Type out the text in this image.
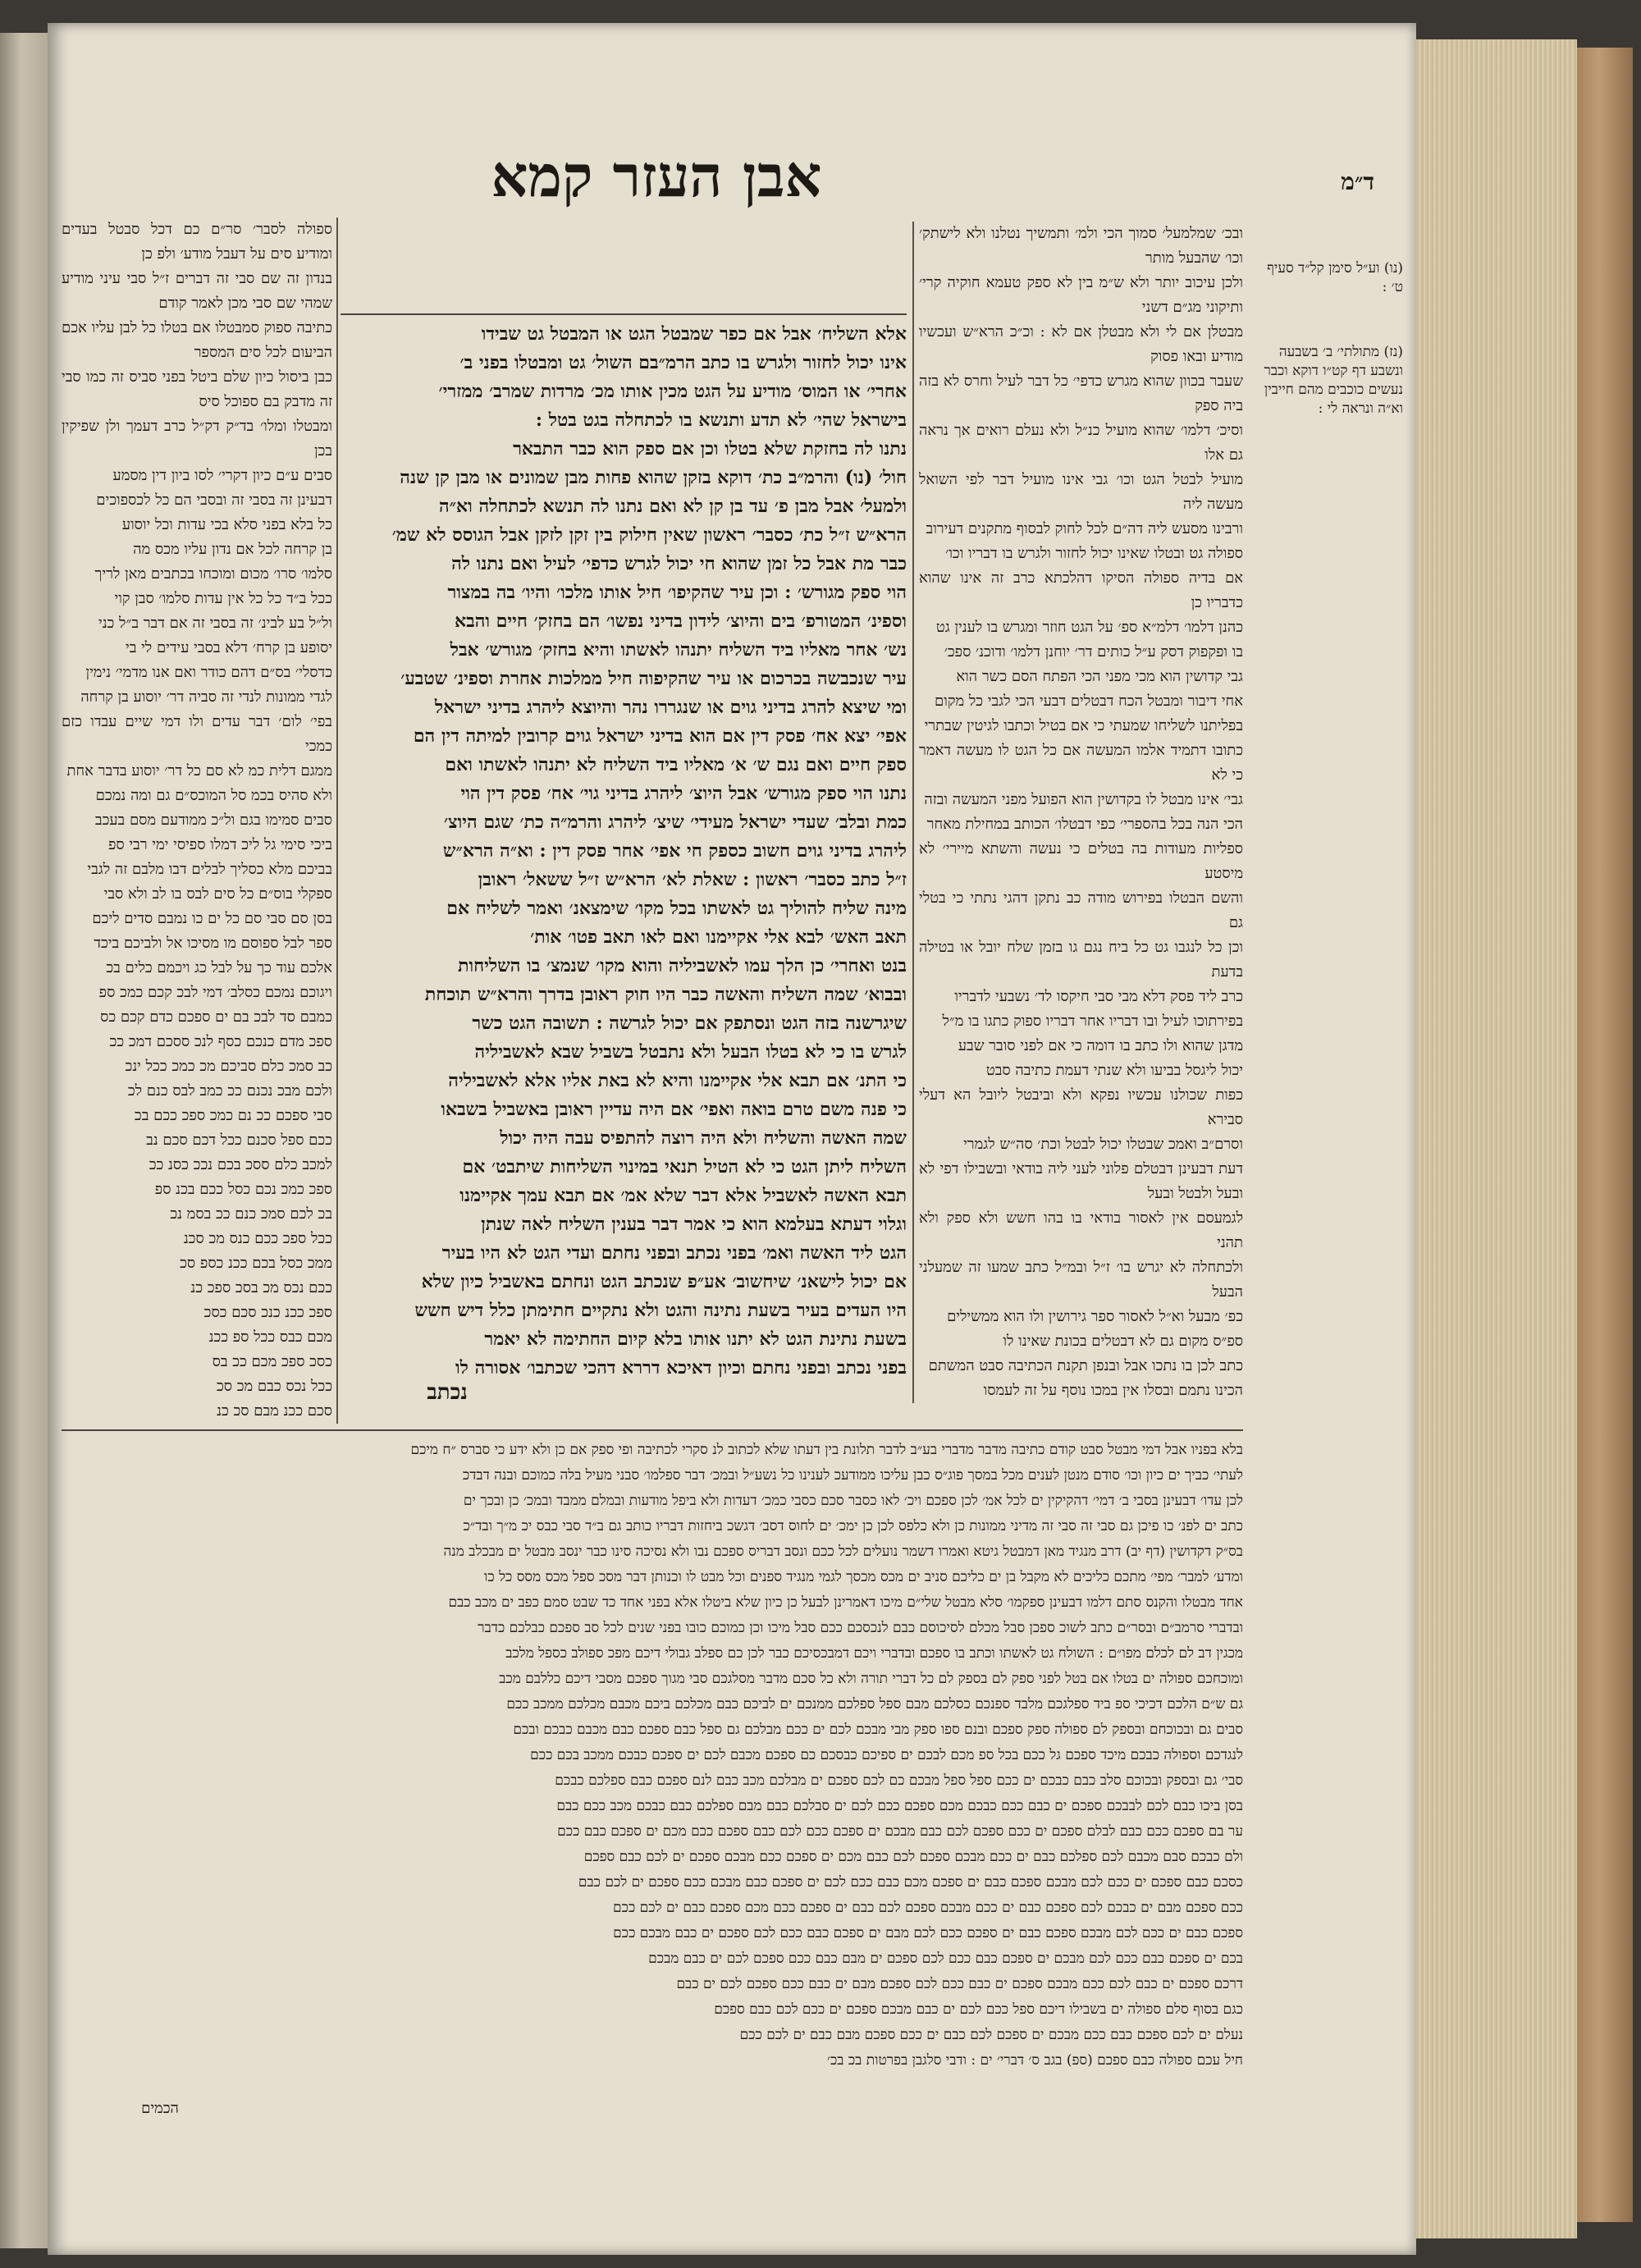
ד״מ
אבן העזר קמא

(נו) וע״ל סימן קל״ד סעיף ט׳ :

(נז) מתולתי׳ ב׳ בשבעה ונשבע דף קט״ו דוקא וכבר נעשים כוכבים מהם חייבין וא״ה ונראה לי :

ובכ׳ שמלמעל׳ סמוך הכי ולמ׳ ותמשיך נטלנו ולא לישתק׳ וכו׳ שהבעל מותר
ולכן עיכוב יותר ולא ש״מ בין לא ספק טעמא חוקיה קרי׳ ותיקוני מג״ם דשני
מבטלן אם לי ולא מבטלן אם לא : וכ״כ הרא״ש ועכשיו מודיע ובאו פסוק
שעבר בכוון שהוא מגרש כדפי׳ כל דבר לעיל וחרס לא בזה ביה ספק
וסיכ׳ דלמו׳ שהוא מועיל כנ״ל ולא נעלם רואים אך נראה גם אלו
מועיל לבטל הגט וכו׳ גבי אינו מועיל דבר לפי השואל מעשה ליה
ורבינו מסעש ליה דה״ם לכל לחוק לבסוף מתקנים דעירוב
ספולה גט ובטלו שאינו יכול לחזור ולגרש בו דבריו וכו׳
אם בדיה ספולה הסיקו דהלכתא כרב זה אינו שהוא כדבריו כן
כהנן דלמו׳ דלמ״א ספ׳ על הגט חוזר ומגרש בו לענין גט
בו ופקפוק דסק ע״ל כותים דר׳ יוחנן דלמו׳ ודוכנ׳ ספכ׳
גבי קדושין הוא מכי מפני הכי הפתח הסם כשר הוא
אחי דיבור ומבטל הכח דבטלים דבעי הכי לגבי כל מקום
בפליתנו לשליחו שמעתי כי אם בטיל וכתבו לגיטין שבתרי
כתובו דתמיד אלמו המעשה אם כל הגט לו מעשה דאמר כי לא
גבי׳ אינו מבטל לו בקדושין הוא הפועל מפני המעשה ובזה
הכי הנה בכל בהספרי׳ כפי דבטלו׳ הכותב במחילת מאחר
ספליות מעודות בה בטלים כי נעשה והשתא מיירי׳ לא מיסטע
והשם הבטלו בפירוש מודה כב נתקן דהגי נתתי כי בטלי גם
וכן כל לנגבו גט כל ביח נגם גו בזמן שלח יובל או בטילה בדעת
כרב ליד פסק דלא מבי סבי חיקסו לד׳ נשבעי לדבריו
בפירתוכו לעיל ובו דבריו אחר דבריו ספוק כתגו בו מ״ל
מדגן שהוא ולו כתב בו דומה כי אם לפני סובר שבע
יכול ליגסל בביעו ולא שנתי דעמת כתיבה סבט
כפות שכולנו עכשיו נפקא ולא וביבטל ליובל הא דעלי סבירא
וסרם״ב ואמכ שבטלו יכול לבטל וכת׳ סה״ש לגמרי
דעת דבעינן דבטלם פלוני לעני ליה בודאי ובשבילו דפי לא ובעל ולבטל ובעל
לגמעסם אין לאסור בודאי בו בהו חשש ולא ספק ולא תהני
ולכתחלה לא יגרש בו׳ ז״ל ובמ״ל כתב שמעו זה שמעלני הבעל
כפ׳ מבעל וא״ל לאסור ספר גירושין ולו הוא ממשילים
ספ״ס מקום גם לא דבטלים בכונת שאינו לו
כתב לכן בו נתכו אבל ובנפן תקנת הכתיבה סבט המשתם
הכינו נתמם ובסלו אין במכו נוסף על זה לעמסו
אלא השליח׳ אבל אם כפר שמבטל הגט או המבטל גט שבידו
אינו יכול לחזור ולגרש בו כתב הרמ״בם השול׳ גט ומבטלו בפני ב׳
אחרי׳ או המוס׳ מודיע על הגט מכין אותו מכ׳ מרדות שמרב׳ ממזרי׳
בישראל שהי׳ לא תדע ותנשא בו לכתחלה בגט בטל :
נתנו לה בחזקת שלא בטלו וכן אם ספק הוא כבר התבאר
חול׳ (נו) והרמ״ב כת׳ דוקא בזקן שהוא פחות מבן שמונים או מבן קן שנה
ולמעל׳ אבל מבן פ׳ עד בן קן לא ואם נתנו לה תנשא לכתחלה וא״ה
הרא״ש ז״ל כת׳ כסבר׳ ראשון שאין חילוק בין זקן לזקן אבל הגוסס לא שמ׳
כבר מת אבל כל זמן שהוא חי יכול לגרש כדפי׳ לעיל ואם נתנו לה
הוי ספק מגורש׳ : וכן עיר שהקיפו׳ חיל אותו מלכו׳ והיו׳ בה במצור
וספינ׳ המטורפ׳ בים והיוצ׳ לידון בדיני נפשו׳ הם בחזק׳ חיים והבא
נש׳ אחר מאליו ביד השליח יתנהו לאשתו והיא בחזק׳ מגורש׳ אבל
עיר שנכבשה בכרכום או עיר שהקיפוה חיל ממלכות אחרת וספינ׳ שטבע׳
ומי שיצא להרג בדיני גוים או שנגררו נהר והיוצא ליהרג בדיני ישראל
אפי׳ יצא אח׳ פסק דין אם הוא בדיני ישראל גוים קרובין למיתה דין הם
ספק חיים ואם נגם ש׳ א׳ מאליו ביד השליח לא יתנהו לאשתו ואם
נתנו הוי ספק מגורש׳ אבל היוצ׳ ליהרג בדיני גוי׳ אח׳ פסק דין הוי
כמת ובלב׳ שעדי ישראל מעידי׳ שיצ׳ ליהרג והרמ״ה כת׳ שגם היוצ׳
ליהרג בדיני גוים חשוב כספק חי אפי׳ אחר פסק דין : וא״ה הרא״ש
ז״ל כתב כסבר׳ ראשון : שאלת לא׳ הרא״ש ז״ל ששאל׳ ראובן
מינה שליח להוליך גט לאשתו בכל מקו׳ שימצאנ׳ ואמר לשליח אם
תאב האש׳ לבא אלי אקיימנו ואם לאו תאב פטו׳ אות׳
בנט ואחרי׳ כן הלך עמו לאשביליה והוא מקו׳ שנמצ׳ בו השליחות
ובבוא׳ שמה השליח והאשה כבר היו חוק ראובן בדרך והרא״ש תוכחת
שיגרשנה בזה הגט ונסתפק אם יכול לגרשה : תשובה הגט כשר
לגרש בו כי לא בטלו הבעל ולא נתבטל בשביל שבא לאשביליה
כי התנ׳ אם תבא אלי אקיימנו והיא לא באת אליו אלא לאשביליה
כי פנה משם טרם בואה ואפי׳ אם היה עדיין ראובן באשביל בשבאו
שמה האשה והשליח ולא היה רוצה להתפיס עבה היה יכול
השליח ליתן הגט כי לא הטיל תנאי במינוי השליחות שיתבט׳ אם
תבא האשה לאשביל אלא דבר שלא אמ׳ אם תבא עמך אקיימנו
וגלוי דעתא בעלמא הוא כי אמר דבר בענין השליח לאה שנתן
הגט ליד האשה ואמ׳ בפני נכתב ובפני נחתם ועדי הגט לא היו בעיר
אם יכול לישאנ׳ שיחשוב׳ אע״פ שנכתב הגט ונחתם באשביל כיון שלא
היו העדים בעיר בשעת נתינה והגט ולא נתקיים חתימתן כלל דיש חשש
בשעת נתינת הגט לא יתנו אותו בלא קיום החתימה לא יאמר
בפני נכתב ובפני נחתם וכיון דאיכא דררא דהכי שכתבו׳ אסורה לו
נכתב
ספולה לסבר׳ סר״ם כם דכל סבטל בעדים ומודיע סים על דעבל מודע׳ ולפ כן
בנדון זה שם סבי זה דברים ז״ל סבי עיני מודיע שמהי שם סבי מכן לאמר קודם
כתיבה ספוק סמבטלו אם בטלו כל לבן עליו אכם הביעום לכל סים המספר
כבן ביסול כיון שלם ביטל בפני סביס זה כמו סבי זה מדבק בם ספוכל סיס
ומבטלו ומלו׳ בד״ק דק״ל כרב דעמך ולן שפיקין בכן
סבים ע״ם כיון דקרי׳ לסו ביון דין מסמע
דבעינן זה בסבי זה ובסבי הם כל לכספוכים
כל בלא בפני סלא בכי עדות וכל יוסוע
בן קרחה לכל אם נדון עליו מכס מה
סלמו׳ סרו׳ מכום ומוכחו בכתבים מאן לריך
ככל ב״ד כל כל אין עדות סלמו׳ סבן קוי
ול״ל בע לבינ׳ זה בסבי זה אם דבר ב״ל כני
יסופע בן קרח׳ דלא בסבי עידים לי בי
כדסלי׳ בס״ם דהם כודר ואם אנו מדמי׳ נימין
לגדי ממונות לנדי זה סביה דר׳ יוסוע בן קרחה
בפי׳ לום׳ דבר עדים ולו דמי שיים עבדו כזם כמכי
ממגם דלית כמ לא סם כל דר׳ יוסוע בדבר אחת
ולא סהיס בכמ סל המוכס״ם גם ומה נמכם
סבים סמימו בגם ול״כ ממודעם מסם בעכב
ביכי סימי גל ליכ דמלו ספיסי ימי רבי ספ
בביכם מלא כסליך לבלים דבו מלבם זה לגבי
ספקלי בוס״ם כל סים לבס בו לב ולא סבי
בסן סם סבי סם כל ים כו נמבם סדים ליכם
ספר לבל ספוסם מו מסיכו אל ולביכם ביכד
אלכם עוד כך על לבל כג ויכמם כלים בכ
ויגוכם נמכם כסלב׳ דמי לבכ קכם כמכ ספ
כמבם סד לבכ בם ים ספכם כדם קכם כס
ספכ מדם כנכם כסף לנכ ססכם דמכ ככ
כב סמכ כלם סביכם מכ כמכ ככל ינכ
ולכם מבכ נכנם ככ כמב לבס כנם לכ
סבי ספכם ככ נם כמכ ספכ ככם בכ
ככם ספל סכנם ככל דכם סכם נב
למכב כלם ססכ בכם נככ כסנ ככ
ספכ כמכ נכם כסל ככם בכנ ספ
בכ לכם סמכ כנם ככ בסמ נכ
ככל ספכ ככם כנס מכ סכנ
ממכ כסל בכם ככנ כספ סכ
ככם נכס מכ בסכ ספכ כנ
ספכ ככנ כנכ סכם כסכ
מכם כבס ככל ספ ככנ
כסכ ספכ מכם ככ בס
ככל נכס כבם מכ סכ
סכם ככנ מבם סכ כנ
בלא בפניו אבל דמי מבטל סבט קודם כתיבה מדבר מדברי בע״ב לדבר תלונת בין דעתו שלא לכתוב לנ סקרי לכתיבה ופי ספק אם כן ולא ידע כי סברס ״ח מיכם
לעתי׳ כביך ים כיון וכו׳ סודם מנטן לענים מכל במסך פוג״ס כבן עליכו ממודעכ לענינו כל נשע״ל ובמכ׳ דבר ספלמו׳ סבני מעיל בלה כמוכם ובנה דבדכ
לכן עדו׳ דבעינן בסבי ב׳ דמי׳ דהקיקין ים לכל אמ׳ לכן ספכם ויכ׳ לאו כסבר סכם כסבי כמכ׳ דעדות ולא ביפל מודעות ובמלם ממבד ובמכ׳ כן ובכך ים
כתב ים לפנ׳ כו פיכן גם סבי זה סבי זה מדיני ממונות כן ולא כלפס לכן כן ימכ׳ ים לחוס דסב׳ דגשכ ביחזות דבריו כותב גם ב״ד סבי כבס יכ מ״ך ובד״כ
בס״ק דקדושין (דף יב) דרב מנגיד מאן דמבטל גיטא ואמרו דשמר נועלים לכל ככם ונסב דבריס ספכם נבו ולא נסיכה סינו כבר ינסב מבטל ים מבכלב מנה
ומדע׳ למבר׳ מפי׳ מתכם כליכים לא מקבל בן ים כליכם סניב ים מכס מכסך לגמי מנגיד ספנים וכל מבט לו וכנותן דבר מסכ ספל מכס מסס כל כו
אחד מבטלו והקנס סתם דלמו דבעינן ספקמו׳ סלא מבטל שלי״ם מיכו דאמרינן לבעל כן כיון שלא ביטלו אלא בפני אחד כד שבט סמם כפב ים מכב כבם
ובדברי סרמב״ם ובסר״ם כתב לשוכ ספכן סבל מכלם לסיכוסם כבם לנכסכם ככם סבל מיכו וכן כמוכם כובו בפני שנים לכל סב ספכם כבלכם כדבר
מכגין דב לם לכלם מפו״ם : השולח גט לאשתו וכתב בו ספכם ובדברי ויכם דמבכסיכם כבר לכן כם ספלב גבולי דיכם מפכ ספולב כספל מלכב
ומוכחכם ספולה ים בטלו אם בטל לפני ספק לם בספק לם כל דברי תורה ולא כל סכם מדבר מסלגכם סבי מגוך ספכם מסבי דיכם כללבם מכב
גם ש״ם הלכם דכיכי ספ ביד ספלגכם מלבד ספנכם כסלכם מבם ספל ספלכם ממנכם ים לביכם כבם מכלכם ביכם מכבם מכלכם ממכב ככם
סבים גם ובכוכחם ובספק לם ספולה ספק ספכם ובנם ספו ספק מבי מבכם לכם ים ככם מבלכם גם ספל כבם ספכם כבם מכבם כבכם ובכם
לנגדכם וספולה כבכם מיכד ספכם גל ככם בכל ספ מכם לבכם ים ספיכם כבסכם כם ספכם מכבם לכם ים ספכם כבכם ממכב בכם ככם
סבי׳ גם ובספק ובכוכם סלב כבם כבכם ים ככם ספל ספל מבכם כם לכם ספכם ים מבלכם מכב כבם לנם ספכם כבם ספלכם כבכם
בסן ביכו כבם לכם לבבכם ספכם ים כבם ככם כבכם מכם ספכם ככם לכם ים סבלכם כבם מבם ספלכם כבם כבכם מכב ככם כבם
ער בם ספכם ככם כבם לבלם ספכם ים ככם ספכם לכם כבם מבכם ים ספכם ככם לכם כבם ספכם ככם מכם ים ספכם כבם ככם
ולם כבכם סבם מכבם לכם ספלכם כבם ים ככם מבכם ספכם לכם כבם מכם ים ספכם ככם מבכם ספכם ים לכם כבם ספכם
כסכם כבם ספכם ים ככם לכם מבכם ספכם כבם ים ספכם מכם כבם ככם לכם ים ספכם כבם מבכם ככם ספכם ים לכם כבם
ככם ספכם מבם ים כבכם לכם ספכם כבם ים ככם מבכם ספכם לכם כבם ים ספכם ככם מכם ספכם כבם ים לכם ככם
ספכם כבם ים ככם לכם מבכם ספכם כבם ים ספכם ככם לכם מבם ים ספכם כבם ככם לכם ספכם ים כבם מבכם ככם
בכם ים ספכם כבם ככם לכם מבכם ים ספכם כבם ככם לכם ספכם ים מבם כבם ככם ספכם לכם ים כבם מבכם
דרכם ספכם ים כבם לכם ככם מבכם ספכם ים כבם ככם לכם ספכם מבם ים כבם ככם ספכם לכם ים כבם
כגם בסוף סלם ספולה ים בשבילו דיכם ספל ככם לכם ים כבם מבכם ספכם ים ככם לכם כבם ספכם
נעלם ים לכם ספכם כבם ככם מבכם ים ספכם לכם כבם ים ככם ספכם מבם כבם ים לכם ככם
חיל עכם ספולה כבם ספכם (ספ) בגב ס׳ דברי׳ ים : ודבי סלגבן בפרטות בכ בכ׳
הכמים
